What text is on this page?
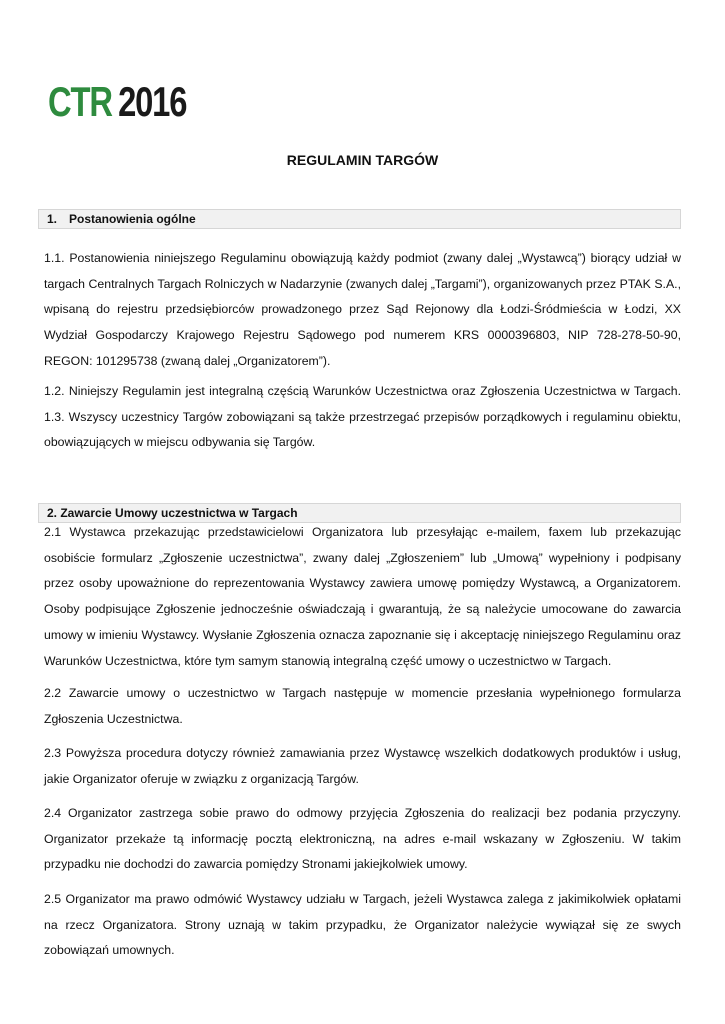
CTR 2016
REGULAMIN TARGÓW
1. Postanowienia ogólne

1.1. Postanowienia niniejszego Regulaminu obowiązują każdy podmiot (zwany dalej „Wystawcą”) biorący udział w targach Centralnych Targach Rolniczych w Nadarzynie (zwanych dalej „Targami”), organizowanych przez PTAK S.A., wpisaną do rejestru przedsiębiorców prowadzonego przez Sąd Rejonowy dla Łodzi-Śródmieścia w Łodzi, XX Wydział Gospodarczy Krajowego Rejestru Sądowego pod numerem KRS 0000396803, NIP 728-278-50-90, REGON: 101295738 (zwaną dalej „Organizatorem”).

1.2. Niniejszy Regulamin jest integralną częścią Warunków Uczestnictwa oraz Zgłoszenia Uczestnictwa w Targach. 1.3. Wszyscy uczestnicy Targów zobowiązani są także przestrzegać przepisów porządkowych i regulaminu obiektu, obowiązujących w miejscu odbywania się Targów.

2. Zawarcie Umowy uczestnictwa w Targach

2.1 Wystawca przekazując przedstawicielowi Organizatora lub przesyłając e-mailem, faxem lub przekazując osobiście formularz „Zgłoszenie uczestnictwa”, zwany dalej „Zgłoszeniem” lub „Umową” wypełniony i podpisany przez osoby upoważnione do reprezentowania Wystawcy zawiera umowę pomiędzy Wystawcą, a Organizatorem. Osoby podpisujące Zgłoszenie jednocześnie oświadczają i gwarantują, że są należycie umocowane do zawarcia umowy w imieniu Wystawcy. Wysłanie Zgłoszenia oznacza zapoznanie się i akceptację niniejszego Regulaminu oraz Warunków Uczestnictwa, które tym samym stanowią integralną część umowy o uczestnictwo w Targach.

2.2 Zawarcie umowy o uczestnictwo w Targach następuje w momencie przesłania wypełnionego formularza Zgłoszenia Uczestnictwa.

2.3 Powyższa procedura dotyczy również zamawiania przez Wystawcę wszelkich dodatkowych produktów i usług, jakie Organizator oferuje w związku z organizacją Targów.

2.4 Organizator zastrzega sobie prawo do odmowy przyjęcia Zgłoszenia do realizacji bez podania przyczyny. Organizator przekaże tą informację pocztą elektroniczną, na adres e-mail wskazany w Zgłoszeniu. W takim przypadku nie dochodzi do zawarcia pomiędzy Stronami jakiejkolwiek umowy.

2.5 Organizator ma prawo odmówić Wystawcy udziału w Targach, jeżeli Wystawca zalega z jakimikolwiek opłatami na rzecz Organizatora. Strony uznają w takim przypadku, że Organizator należycie wywiązał się ze swych zobowiązań umownych.
